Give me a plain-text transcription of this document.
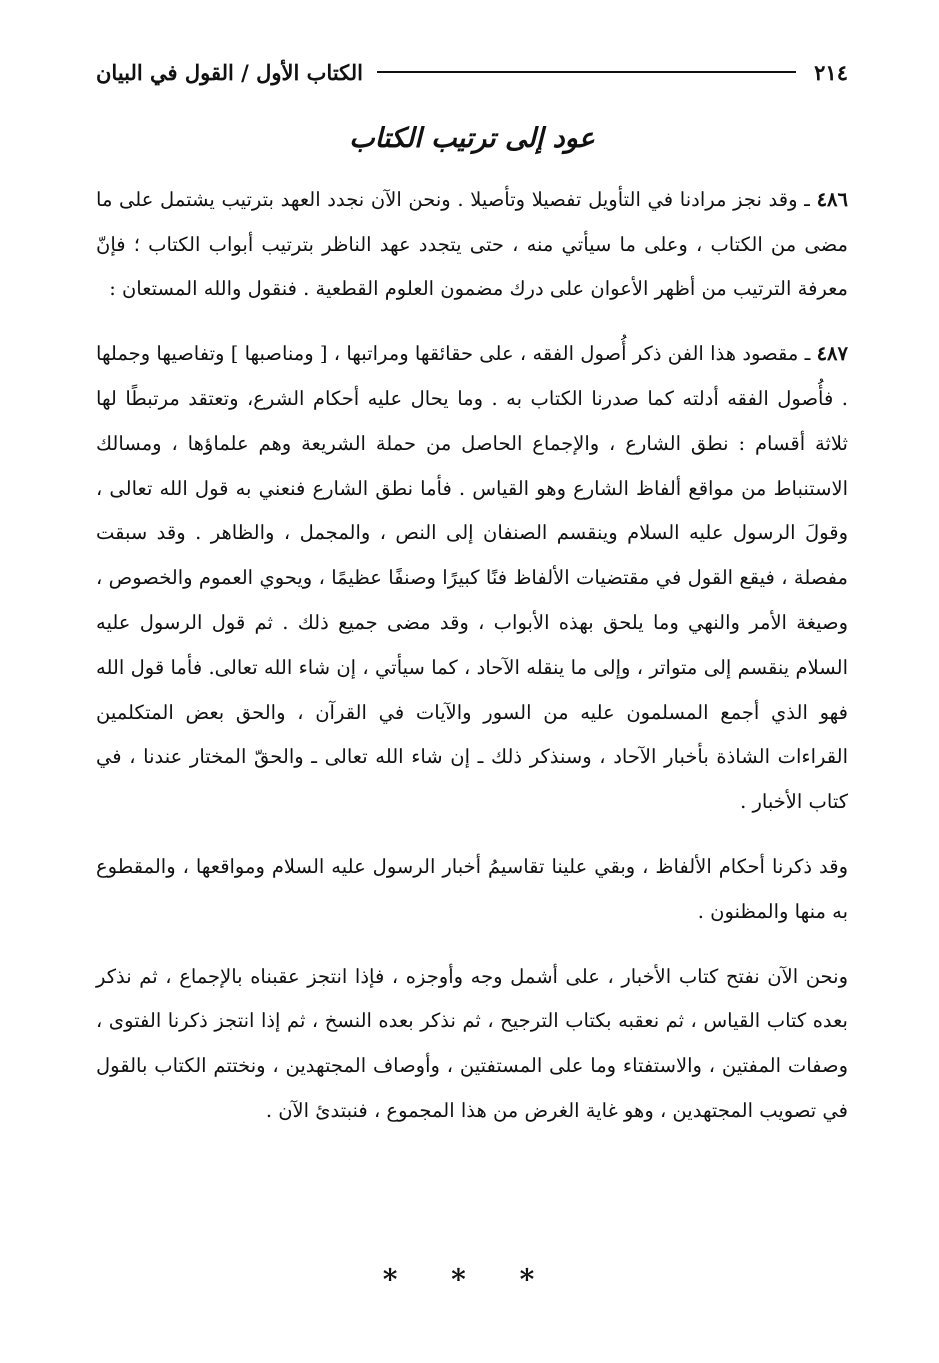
٢١٤
الكتاب الأول / القول في البيان
عود إلى ترتيب الكتاب

٤٨٦ ـ وقد نجز مرادنا في التأويل تفصيلا وتأصيلا . ونحن الآن نجدد العهد بترتيب يشتمل على ما مضى من الكتاب ، وعلى ما سيأتي منه ، حتى يتجدد عهد الناظر بترتيب أبواب الكتاب ؛ فإنّ معرفة الترتيب من أظهر الأعوان على درك مضمون العلوم القطعية . فنقول والله المستعان :

٤٨٧ ـ مقصود هذا الفن ذكر أُصول الفقه ، على حقائقها ومراتبها ، [ ومناصبها ] وتفاصيها وجملها . فأُصول الفقه أدلته كما صدرنا الكتاب به . وما يحال عليه أحكام الشرع، وتعتقد مرتبطًا لها ثلاثة أقسام : نطق الشارع ، والإجماع الحاصل من حملة الشريعة وهم علماؤها ، ومسالك الاستنباط من مواقع ألفاظ الشارع وهو القياس . فأما نطق الشارع فنعني به قول الله تعالى ، وقولَ الرسول عليه السلام وينقسم الصنفان إلى النص ، والمجمل ، والظاهر . وقد سبقت مفصلة ، فيقع القول في مقتضيات الألفاظ فنًا كبيرًا وصنفًا عظيمًا ، ويحوي العموم والخصوص ، وصيغة الأمر والنهي وما يلحق بهذه الأبواب ، وقد مضى جميع ذلك . ثم قول الرسول عليه السلام ينقسم إلى متواتر ، وإلى ما ينقله الآحاد ، كما سيأتي ، إن شاء الله تعالى. فأما قول الله فهو الذي أجمع المسلمون عليه من السور والآيات في القرآن ، والحق بعض المتكلمين القراءات الشاذة بأخبار الآحاد ، وسنذكر ذلك ـ إن شاء الله تعالى ـ والحقّ المختار عندنا ، في كتاب الأخبار .

وقد ذكرنا أحكام الألفاظ ، وبقي علينا تقاسيمُ أخبار الرسول عليه السلام ومواقعها ، والمقطوع به منها والمظنون .

ونحن الآن نفتح كتاب الأخبار ، على أشمل وجه وأوجزه ، فإذا انتجز عقبناه بالإجماع ، ثم نذكر بعده كتاب القياس ، ثم نعقبه بكتاب الترجيح ، ثم نذكر بعده النسخ ، ثم إذا انتجز ذكرنا الفتوى ، وصفات المفتين ، والاستفتاء وما على المستفتين ، وأوصاف المجتهدين ، ونختتم الكتاب بالقول في تصويب المجتهدين ، وهو غاية الغرض من هذا المجموع ، فنبتدئ الآن .

* * *
